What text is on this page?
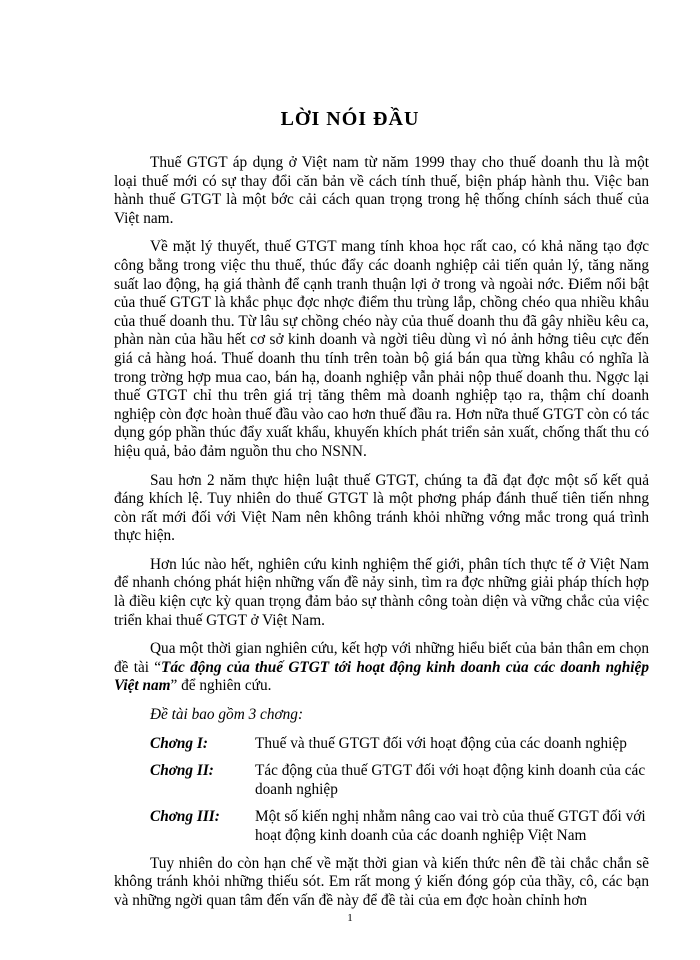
LỜI NÓI ĐẦU

Thuế GTGT áp dụng ở Việt nam từ năm 1999 thay cho thuế doanh thu là một loại thuế mới có sự thay đổi căn bản về cách tính thuế, biện pháp hành thu. Việc ban hành thuế GTGT là một bớc cải cách quan trọng trong hệ thống chính sách thuế của Việt nam.

Về mặt lý thuyết, thuế GTGT mang tính khoa học rất cao, có khả năng tạo đợc công bằng trong việc thu thuế, thúc đẩy các doanh nghiệp cải tiến quản lý, tăng năng suất lao động, hạ giá thành để cạnh tranh thuận lợi ở trong và ngoài nớc. Điểm nổi bật của thuế GTGT là khắc phục đợc nhợc điểm thu trùng lắp, chồng chéo qua nhiều khâu của thuế doanh thu. Từ lâu sự chồng chéo này của thuế doanh thu đã gây nhiều kêu ca, phàn nàn của hầu hết cơ sở kinh doanh và ngời tiêu dùng vì nó ảnh hởng tiêu cực đến giá cả hàng hoá. Thuế doanh thu tính trên toàn bộ giá bán qua từng khâu có nghĩa là trong trờng hợp mua cao, bán hạ, doanh nghiệp vẫn phải nộp thuế doanh thu. Ngợc lại thuế GTGT chỉ thu trên giá trị tăng thêm mà doanh nghiệp tạo ra, thậm chí doanh nghiệp còn đợc hoàn thuế đầu vào cao hơn thuế đầu ra. Hơn nữa thuế GTGT còn có tác dụng góp phần thúc đẩy xuất khẩu, khuyến khích phát triển sản xuất, chống thất thu có hiệu quả, bảo đảm nguồn thu cho NSNN.

Sau hơn 2 năm thực hiện luật thuế GTGT, chúng ta đã đạt đợc một số kết quả đáng khích lệ. Tuy nhiên do thuế GTGT là một phơng pháp đánh thuế tiên tiến nhng còn rất mới đối với Việt Nam nên không tránh khỏi những vớng mắc trong quá trình thực hiện.

Hơn lúc nào hết, nghiên cứu kinh nghiệm thế giới, phân tích thực tế ở Việt Nam để nhanh chóng phát hiện những vấn đề nảy sinh, tìm ra đợc những giải pháp thích hợp là điều kiện cực kỳ quan trọng đảm bảo sự thành công toàn diện và vững chắc của việc triển khai thuế GTGT ở Việt Nam.

Qua một thời gian nghiên cứu, kết hợp với những hiểu biết của bản thân em chọn đề tài “Tác động của thuế GTGT tới hoạt động kinh doanh của các doanh nghiệp Việt nam” để nghiên cứu.

Đề tài bao gồm 3 chơng:

Chơng I:	Thuế và thuế GTGT đối với hoạt động của các doanh nghiệp
Chơng II:	Tác động của thuế GTGT đối với hoạt động kinh doanh của các doanh nghiệp
Chơng III:	Một số kiến nghị nhằm nâng cao vai trò của thuế GTGT đối với hoạt động kinh doanh của các doanh nghiệp Việt Nam

Tuy nhiên do còn hạn chế về mặt thời gian và kiến thức nên đề tài chắc chắn sẽ không tránh khỏi những thiếu sót. Em rất mong ý kiến đóng góp của thầy, cô, các bạn và những ngời quan tâm đến vấn đề này để đề tài của em đợc hoàn chỉnh hơn

1
